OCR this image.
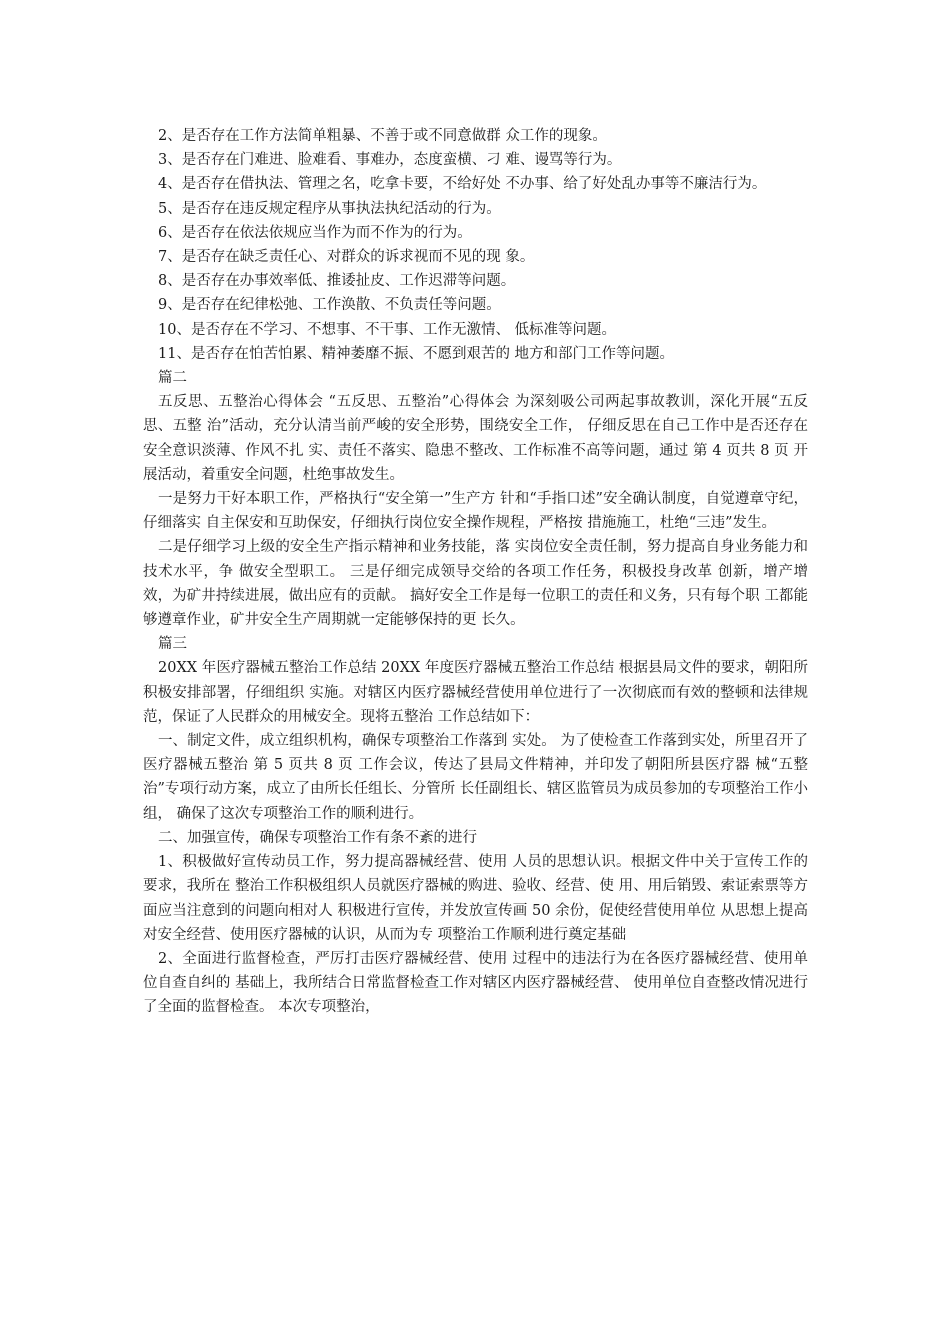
2、是否存在工作方法简单粗暴、不善于或不同意做群 众工作的现象。

3、是否存在门难进、脸难看、事难办，态度蛮横、刁 难、谩骂等行为。

4、是否存在借执法、管理之名，吃拿卡要，不给好处 不办事、给了好处乱办事等不廉洁行为。

5、是否存在违反规定程序从事执法执纪活动的行为。

6、是否存在依法依规应当作为而不作为的行为。

7、是否存在缺乏责任心、对群众的诉求视而不见的现 象。

8、是否存在办事效率低、推诿扯皮、工作迟滞等问题。

9、是否存在纪律松弛、工作涣散、不负责任等问题。

10、是否存在不学习、不想事、不干事、工作无激情、 低标准等问题。

11、是否存在怕苦怕累、精神萎靡不振、不愿到艰苦的 地方和部门工作等问题。

篇二

五反思、五整治心得体会 “五反思、五整治”心得体会 为深刻吸公司两起事故教训，深化开展“五反思、五整 治”活动，充分认清当前严峻的安全形势，围绕安全工作， 仔细反思在自己工作中是否还存在安全意识淡薄、作风不扎 实、责任不落实、隐患不整改、工作标准不高等问题，通过 第 4 页共 8 页 开展活动，着重安全问题，杜绝事故发生。

一是努力干好本职工作，严格执行“安全第一”生产方 针和“手指口述”安全确认制度，自觉遵章守纪，仔细落实 自主保安和互助保安，仔细执行岗位安全操作规程，严格按 措施施工，杜绝“三违”发生。

二是仔细学习上级的安全生产指示精神和业务技能，落 实岗位安全责任制，努力提高自身业务能力和技术水平，争 做安全型职工。 三是仔细完成领导交给的各项工作任务，积极投身改革 创新，增产增效，为矿井持续进展，做出应有的贡献。 搞好安全工作是每一位职工的责任和义务，只有每个职 工都能够遵章作业，矿井安全生产周期就一定能够保持的更 长久。

篇三

20XX 年医疗器械五整治工作总结 20XX 年度医疗器械五整治工作总结 根据县局文件的要求，朝阳所积极安排部署，仔细组织 实施。对辖区内医疗器械经营使用单位进行了一次彻底而有效的整顿和法律规范，保证了人民群众的用械安全。现将五整治 工作总结如下：

一、制定文件，成立组织机构，确保专项整治工作落到 实处。 为了使检查工作落到实处，所里召开了医疗器械五整治 第 5 页共 8 页 工作会议，传达了县局文件精神，并印发了朝阳所县医疗器 械“五整治”专项行动方案，成立了由所长任组长、分管所 长任副组长、辖区监管员为成员参加的专项整治工作小组， 确保了这次专项整治工作的顺利进行。

二、加强宣传，确保专项整治工作有条不紊的进行

1、积极做好宣传动员工作，努力提高器械经营、使用 人员的思想认识。根据文件中关于宣传工作的要求，我所在 整治工作积极组织人员就医疗器械的购进、验收、经营、使 用、用后销毁、索证索票等方面应当注意到的问题向相对人 积极进行宣传，并发放宣传画 50 余份，促使经营使用单位 从思想上提高对安全经营、使用医疗器械的认识，从而为专 项整治工作顺利进行奠定基础

2、全面进行监督检查，严厉打击医疗器械经营、使用 过程中的违法行为在各医疗器械经营、使用单位自查自纠的 基础上，我所结合日常监督检查工作对辖区内医疗器械经营、 使用单位自查整改情况进行了全面的监督检查。 本次专项整治，
